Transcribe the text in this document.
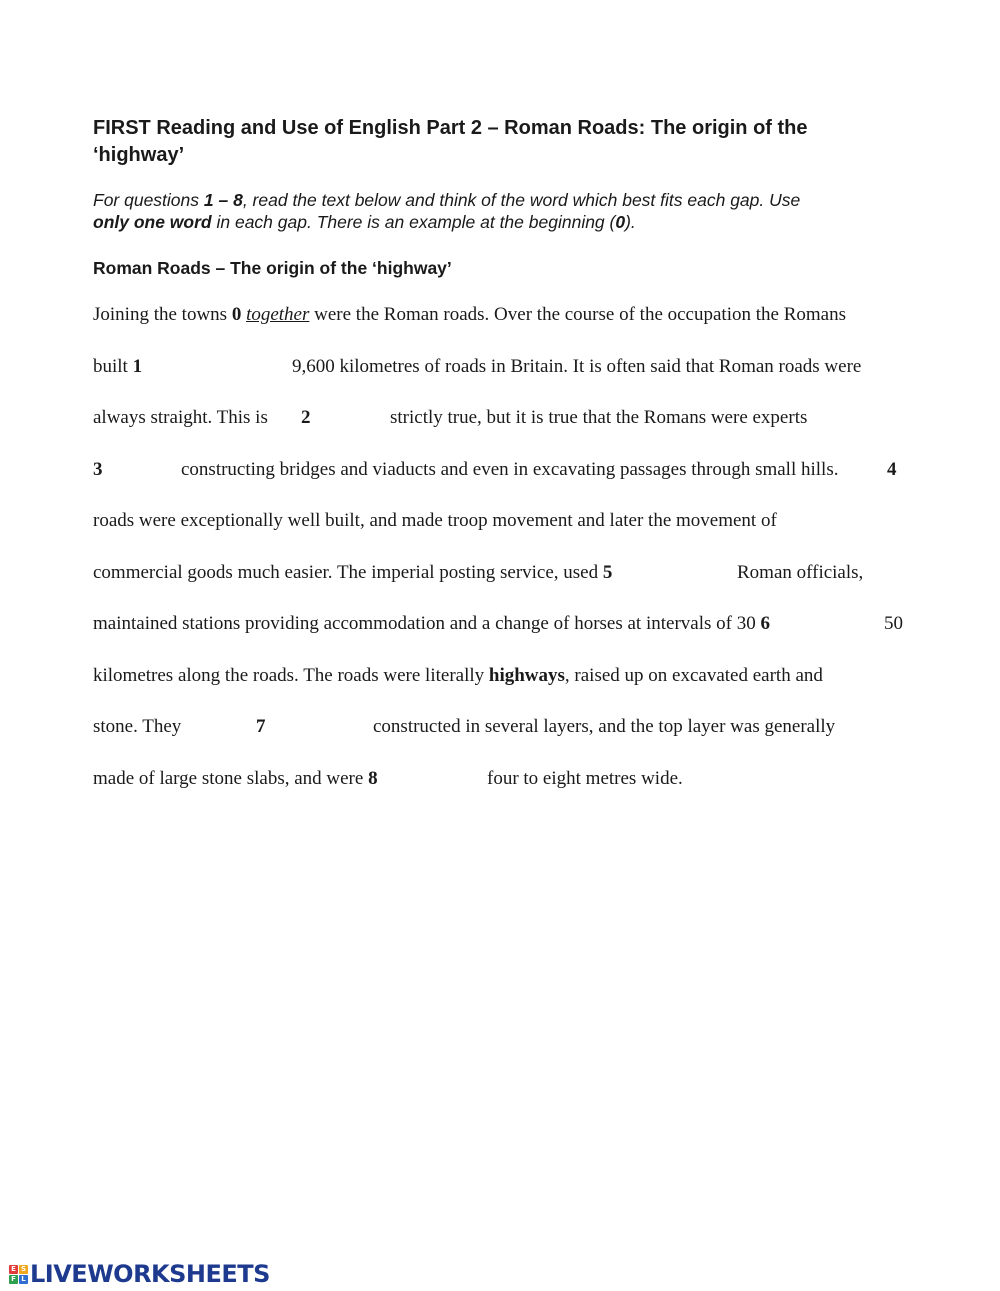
FIRST Reading and Use of English Part 2 – Roman Roads: The origin of the
‘highway’

For questions 1 – 8, read the text below and think of the word which best fits each gap. Use
only one word in each gap. There is an example at the beginning (0).

Roman Roads – The origin of the ‘highway’
Joining the towns 0 together were the Roman roads. Over the course of the occupation the Romans
built 1	9,600 kilometres of roads in Britain. It is often said that Roman roads were
always straight. This is 2	strictly true, but it is true that the Romans were experts
3	constructing bridges and viaducts and even in excavating passages through small hills.	4
roads were exceptionally well built, and made troop movement and later the movement of
commercial goods much easier. The imperial posting service, used 5	Roman officials,
maintained stations providing accommodation and a change of horses at intervals of 30 6	50
kilometres along the roads. The roads were literally highways, raised up on excavated earth and
stone. They	7	constructed in several layers, and the top layer was generally
made of large stone slabs, and were 8	four to eight metres wide.
E S
F L LIVEWORKSHEETS
